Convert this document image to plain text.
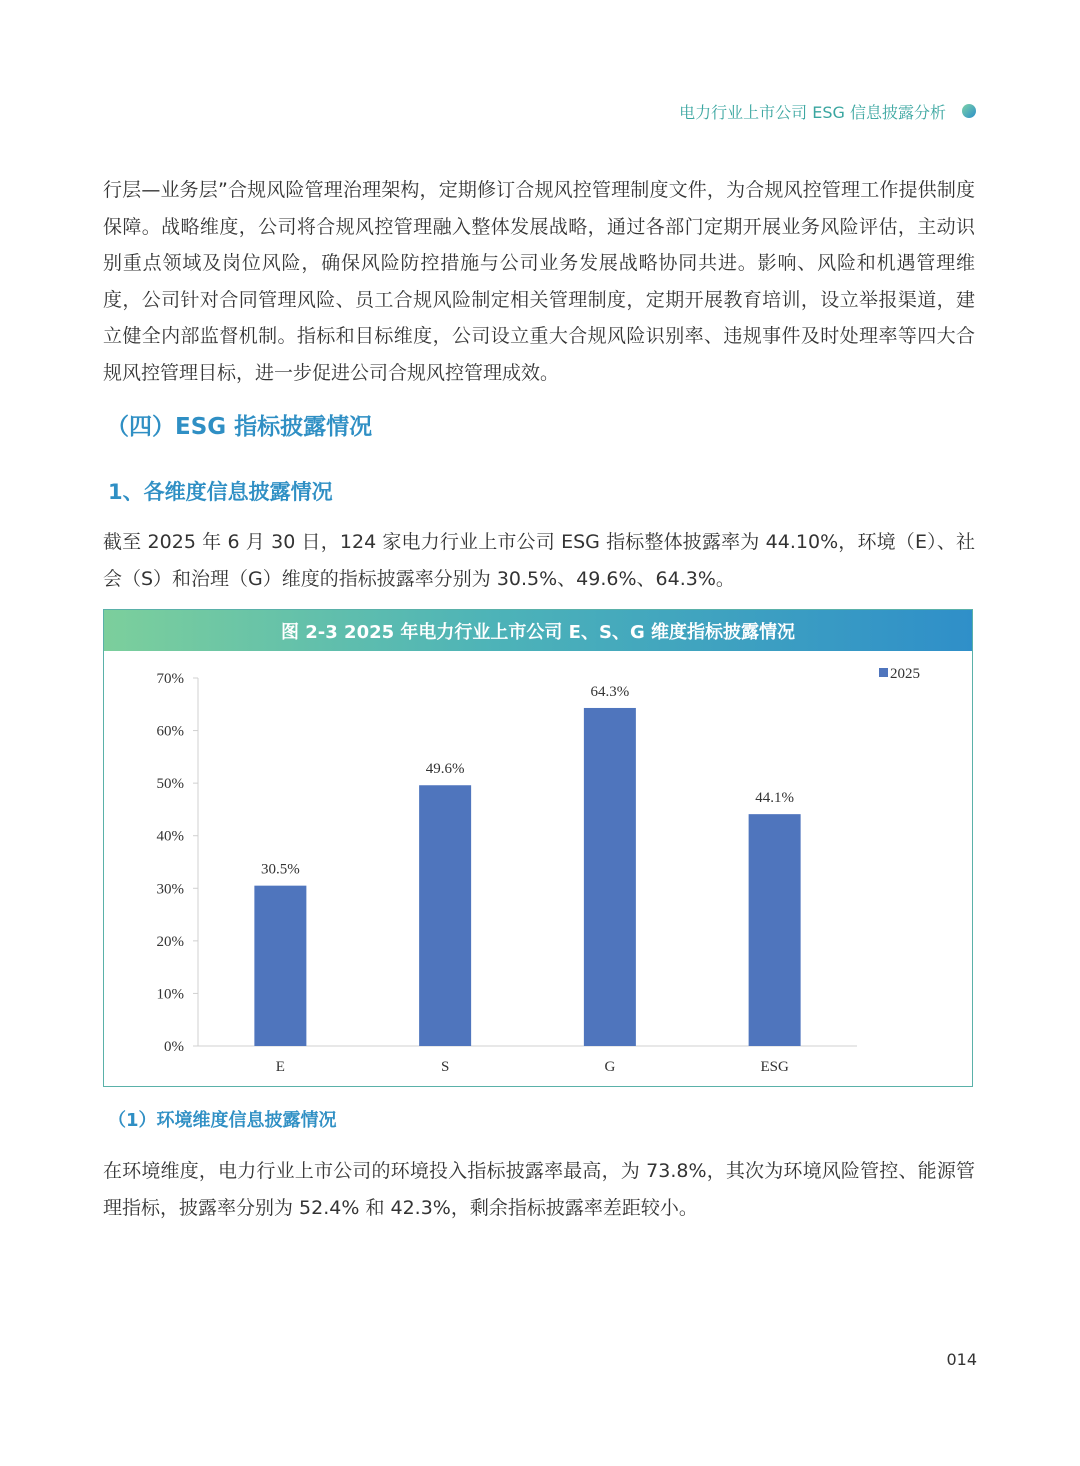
电力行业上市公司 ESG 信息披露分析

行层—业务层”合规风险管理治理架构，定期修订合规风控管理制度文件，为合规风控管理工作提供制度保障。战略维度，公司将合规风控管理融入整体发展战略，通过各部门定期开展业务风险评估，主动识别重点领域及岗位风险，确保风险防控措施与公司业务发展战略协同共进。影响、风险和机遇管理维度，公司针对合同管理风险、员工合规风险制定相关管理制度，定期开展教育培训，设立举报渠道，建立健全内部监督机制。指标和目标维度，公司设立重大合规风险识别率、违规事件及时处理率等四大合规风控管理目标，进一步促进公司合规风控管理成效。

（四）ESG 指标披露情况
1、各维度信息披露情况

截至 2025 年 6 月 30 日，124 家电力行业上市公司 ESG 指标整体披露率为 44.10%，环境（E）、社会（S）和治理（G）维度的指标披露率分别为 30.5%、49.6%、64.3%。

图 2-3 2025 年电力行业上市公司 E、S、G 维度指标披露情况
0%
10%
20%
30%
40%
50%
60%
70%
30.5%
E
49.6%
S
64.3%
G
44.1%
ESG
2025
（1）环境维度信息披露情况

在环境维度，电力行业上市公司的环境投入指标披露率最高，为 73.8%，其次为环境风险管控、能源管理指标，披露率分别为 52.4% 和 42.3%，剩余指标披露率差距较小。

014
